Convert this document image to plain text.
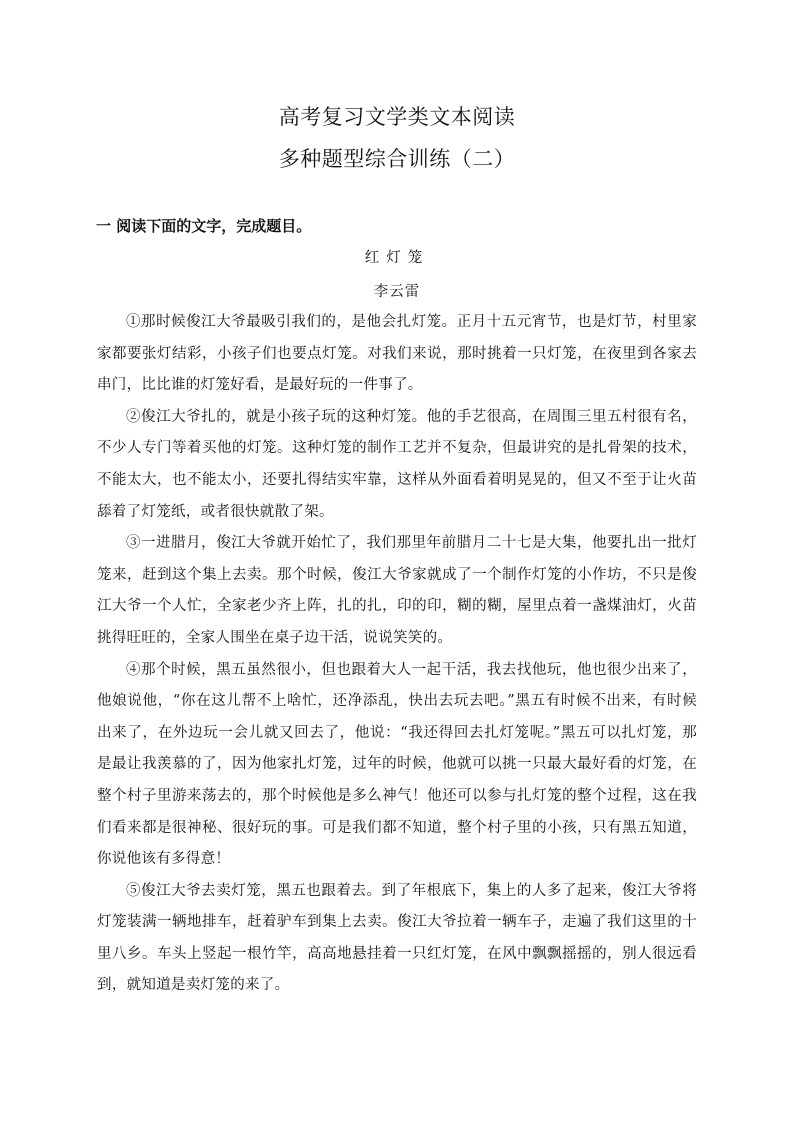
高考复习文学类文本阅读
多种题型综合训练（二）
一 阅读下面的文字，完成题目。
红灯笼
李云雷

①那时候俊江大爷最吸引我们的，是他会扎灯笼。正月十五元宵节，也是灯节，村里家家都要张灯结彩，小孩子们也要点灯笼。对我们来说，那时挑着一只灯笼，在夜里到各家去串门，比比谁的灯笼好看，是最好玩的一件事了。

②俊江大爷扎的，就是小孩子玩的这种灯笼。他的手艺很高，在周围三里五村很有名，不少人专门等着买他的灯笼。这种灯笼的制作工艺并不复杂，但最讲究的是扎骨架的技术，不能太大，也不能太小，还要扎得结实牢靠，这样从外面看着明晃晃的，但又不至于让火苗舔着了灯笼纸，或者很快就散了架。

③一进腊月，俊江大爷就开始忙了，我们那里年前腊月二十七是大集，他要扎出一批灯笼来，赶到这个集上去卖。那个时候，俊江大爷家就成了一个制作灯笼的小作坊，不只是俊江大爷一个人忙，全家老少齐上阵，扎的扎，印的印，糊的糊，屋里点着一盏煤油灯，火苗挑得旺旺的，全家人围坐在桌子边干活，说说笑笑的。

④那个时候，黑五虽然很小，但也跟着大人一起干活，我去找他玩，他也很少出来了，他娘说他，“你在这儿帮不上啥忙，还净添乱，快出去玩去吧。”黑五有时候不出来，有时候出来了，在外边玩一会儿就又回去了，他说：“我还得回去扎灯笼呢。”黑五可以扎灯笼，那是最让我羡慕的了，因为他家扎灯笼，过年的时候，他就可以挑一只最大最好看的灯笼，在整个村子里游来荡去的，那个时候他是多么神气！他还可以参与扎灯笼的整个过程，这在我们看来都是很神秘、很好玩的事。可是我们都不知道，整个村子里的小孩，只有黑五知道，你说他该有多得意！

⑤俊江大爷去卖灯笼，黑五也跟着去。到了年根底下，集上的人多了起来，俊江大爷将灯笼装满一辆地排车，赶着驴车到集上去卖。俊江大爷拉着一辆车子，走遍了我们这里的十里八乡。车头上竖起一根竹竿，高高地悬挂着一只红灯笼，在风中飘飘摇摇的，别人很远看到，就知道是卖灯笼的来了。
